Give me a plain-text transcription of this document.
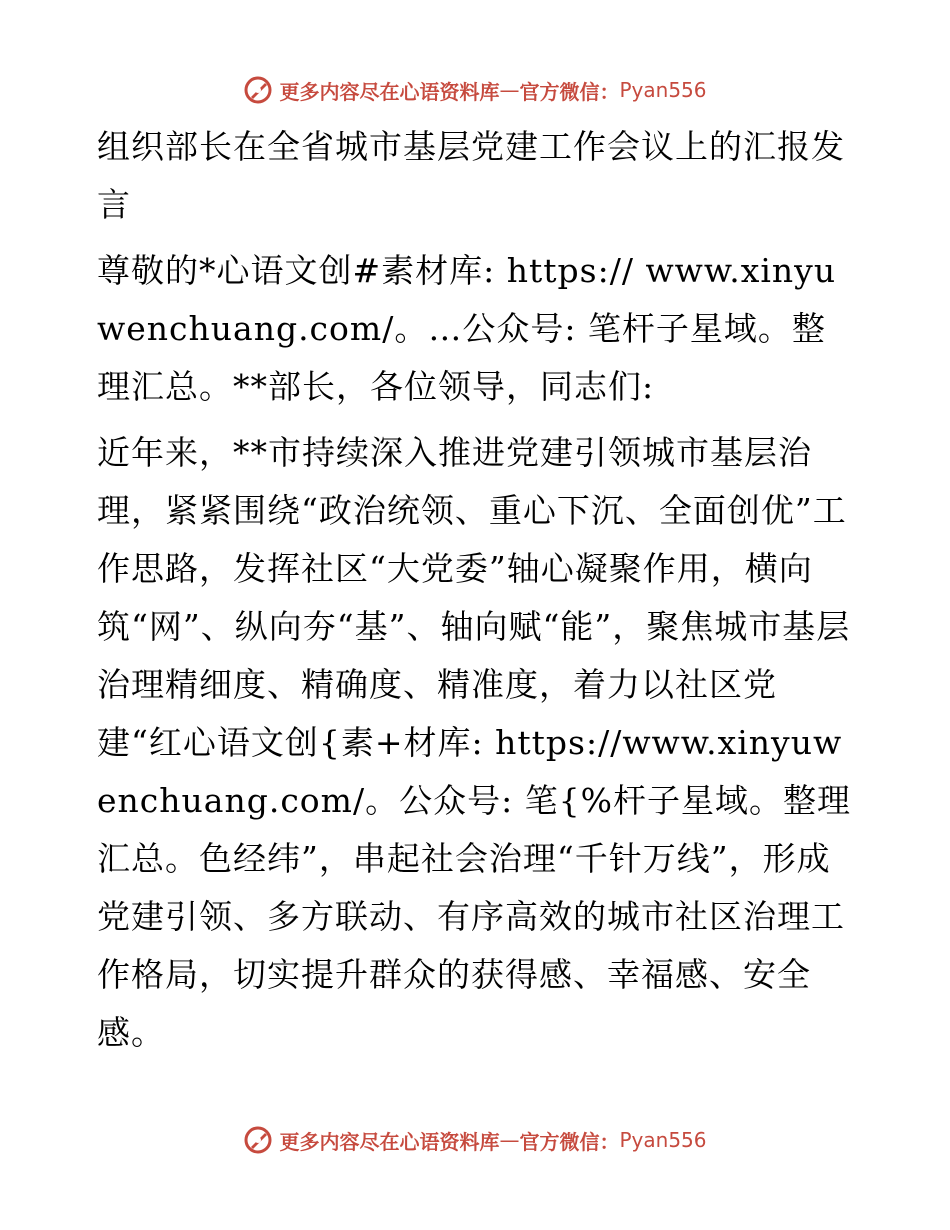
更多内容尽在心语资料库 — 官方微信： Pyan556

组织部长在全省城市基层党建工作会议上的汇报发言

尊敬的*心语文创#素材库: https:// www.xinyuwenchuang.com/。…公众号: 笔杆子星域。整理汇总。**部长，各位领导，同志们:

近年来，**市持续深入推进党建引领城市基层治理，紧紧围绕“政治统领、重心下沉、全面创优”工作思路，发挥社区“大党委”轴心凝聚作用，横向筑“网”、纵向夯“基”、轴向赋“能”，聚焦城市基层治理精细度、精确度、精准度，着力以社区党建“红心语文创{素+材库: https://www.xinyuwenchuang.com/。公众号: 笔{%杆子星域。整理汇总。色经纬”，串起社会治理“千针万线”，形成党建引领、多方联动、有序高效的城市社区治理工作格局，切实提升群众的获得感、幸福感、安全感。

更多内容尽在心语资料库 — 官方微信： Pyan556
